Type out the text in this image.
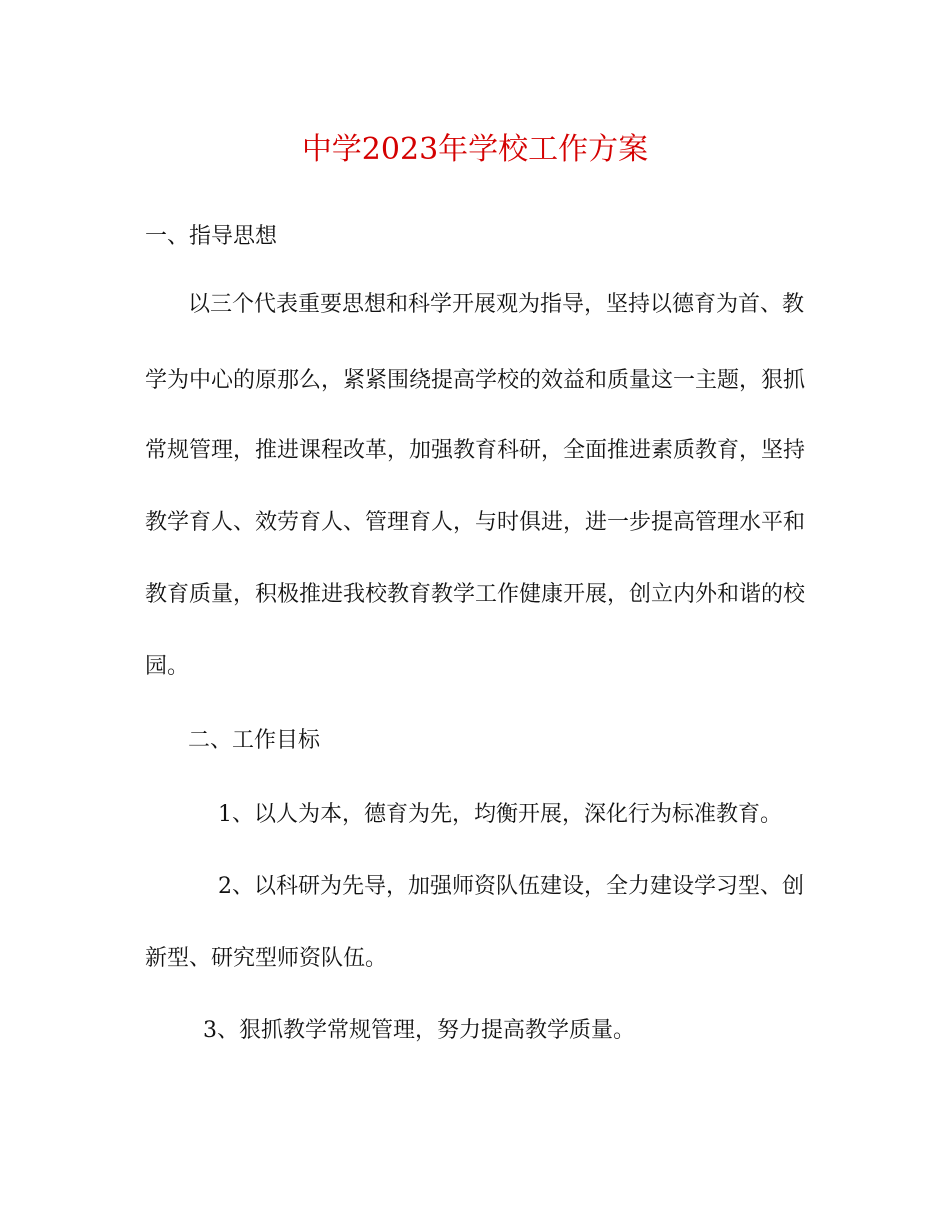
中学2023年学校工作方案
一、指导思想
以三个代表重要思想和科学开展观为指导，坚持以德育为首、教
学为中心的原那么，紧紧围绕提高学校的效益和质量这一主题，狠抓
常规管理，推进课程改革，加强教育科研，全面推进素质教育，坚持
教学育人、效劳育人、管理育人，与时俱进，进一步提高管理水平和
教育质量，积极推进我校教育教学工作健康开展，创立内外和谐的校
园。
二、工作目标
1、以人为本，德育为先，均衡开展，深化行为标准教育。
2、以科研为先导，加强师资队伍建设，全力建设学习型、创
新型、研究型师资队伍。
3、狠抓教学常规管理，努力提高教学质量。
